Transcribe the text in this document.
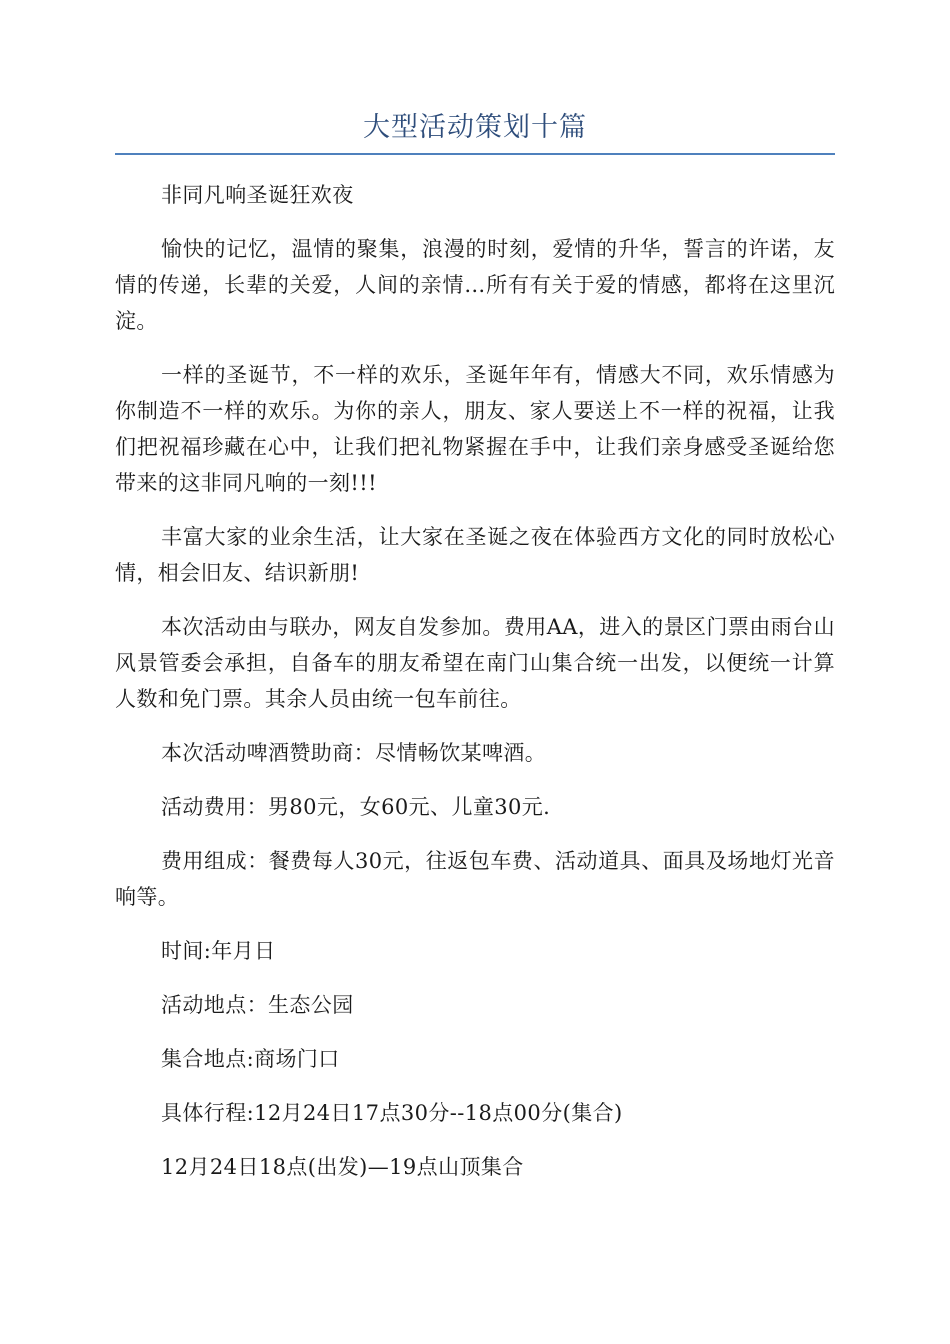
大型活动策划十篇

非同凡响圣诞狂欢夜

愉快的记忆，温情的聚集，浪漫的时刻，爱情的升华，誓言的许诺，友情的传递，长辈的关爱，人间的亲情…所有有关于爱的情感，都将在这里沉淀。

一样的圣诞节，不一样的欢乐，圣诞年年有，情感大不同，欢乐情感为你制造不一样的欢乐。为你的亲人，朋友、家人要送上不一样的祝福，让我们把祝福珍藏在心中，让我们把礼物紧握在手中，让我们亲身感受圣诞给您带来的这非同凡响的一刻!!!

丰富大家的业余生活，让大家在圣诞之夜在体验西方文化的同时放松心情，相会旧友、结识新朋!

本次活动由与联办，网友自发参加。费用AA，进入的景区门票由雨台山风景管委会承担，自备车的朋友希望在南门山集合统一出发，以便统一计算人数和免门票。其余人员由统一包车前往。

本次活动啤酒赞助商：尽情畅饮某啤酒。

活动费用：男80元，女60元、儿童30元.

费用组成：餐费每人30元，往返包车费、活动道具、面具及场地灯光音响等。

时间:年月日

活动地点：生态公园

集合地点:商场门口

具体行程:12月24日17点30分--18点00分(集合)

12月24日18点(出发)—19点山顶集合
